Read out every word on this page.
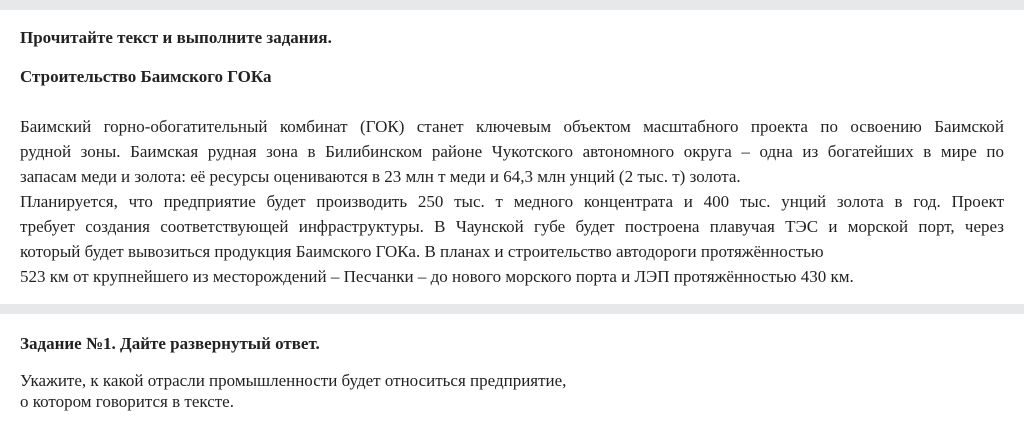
Прочитайте текст и выполните задания.

Строительство Баимского ГОКа

Баимский горно-обогатительный комбинат (ГОК) станет ключевым объектом масштабного проекта по освоению Баимской
рудной зоны. Баимская рудная зона в Билибинском районе Чукотского автономного округа – одна из богатейших в мире по
запасам меди и золота: её ресурсы оцениваются в 23 млн т меди и 64,3 млн унций (2 тыс. т) золота.
Планируется, что предприятие будет производить 250 тыс. т медного концентрата и 400 тыс. унций золота в год. Проект
требует создания соответствующей инфраструктуры. В Чаунской губе будет построена плавучая ТЭС и морской порт, через
который будет вывозиться продукция Баимского ГОКа. В планах и строительство автодороги протяжённостью
523 км от крупнейшего из месторождений – Песчанки – до нового морского порта и ЛЭП протяжённостью 430 км.

Задание №1. Дайте развернутый ответ.

Укажите, к какой отрасли промышленности будет относиться предприятие,
о котором говорится в тексте.
